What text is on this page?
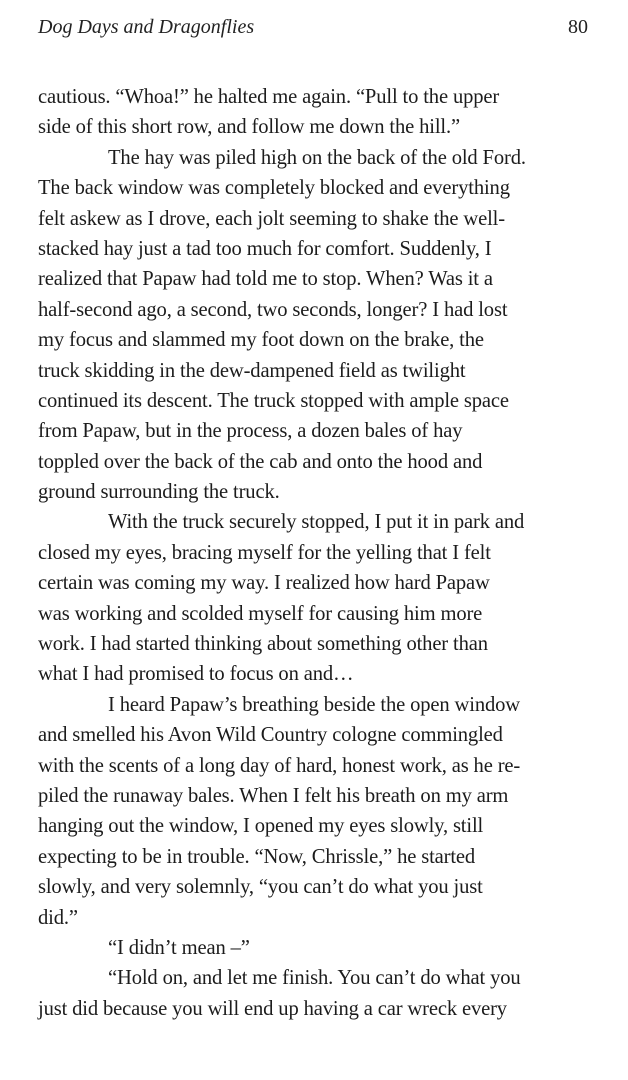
Dog Days and Dragonflies	80
cautious. “Whoa!” he halted me again. “Pull to the upper
side of this short row, and follow me down the hill.”
The hay was piled high on the back of the old Ford.
The back window was completely blocked and everything
felt askew as I drove, each jolt seeming to shake the well-
stacked hay just a tad too much for comfort. Suddenly, I
realized that Papaw had told me to stop. When? Was it a
half-second ago, a second, two seconds, longer? I had lost
my focus and slammed my foot down on the brake, the
truck skidding in the dew-dampened field as twilight
continued its descent. The truck stopped with ample space
from Papaw, but in the process, a dozen bales of hay
toppled over the back of the cab and onto the hood and
ground surrounding the truck.
With the truck securely stopped, I put it in park and
closed my eyes, bracing myself for the yelling that I felt
certain was coming my way. I realized how hard Papaw
was working and scolded myself for causing him more
work. I had started thinking about something other than
what I had promised to focus on and…
I heard Papaw’s breathing beside the open window
and smelled his Avon Wild Country cologne commingled
with the scents of a long day of hard, honest work, as he re-
piled the runaway bales. When I felt his breath on my arm
hanging out the window, I opened my eyes slowly, still
expecting to be in trouble. “Now, Chrissle,” he started
slowly, and very solemnly, “you can’t do what you just
did.”
“I didn’t mean –”
“Hold on, and let me finish. You can’t do what you
just did because you will end up having a car wreck every
